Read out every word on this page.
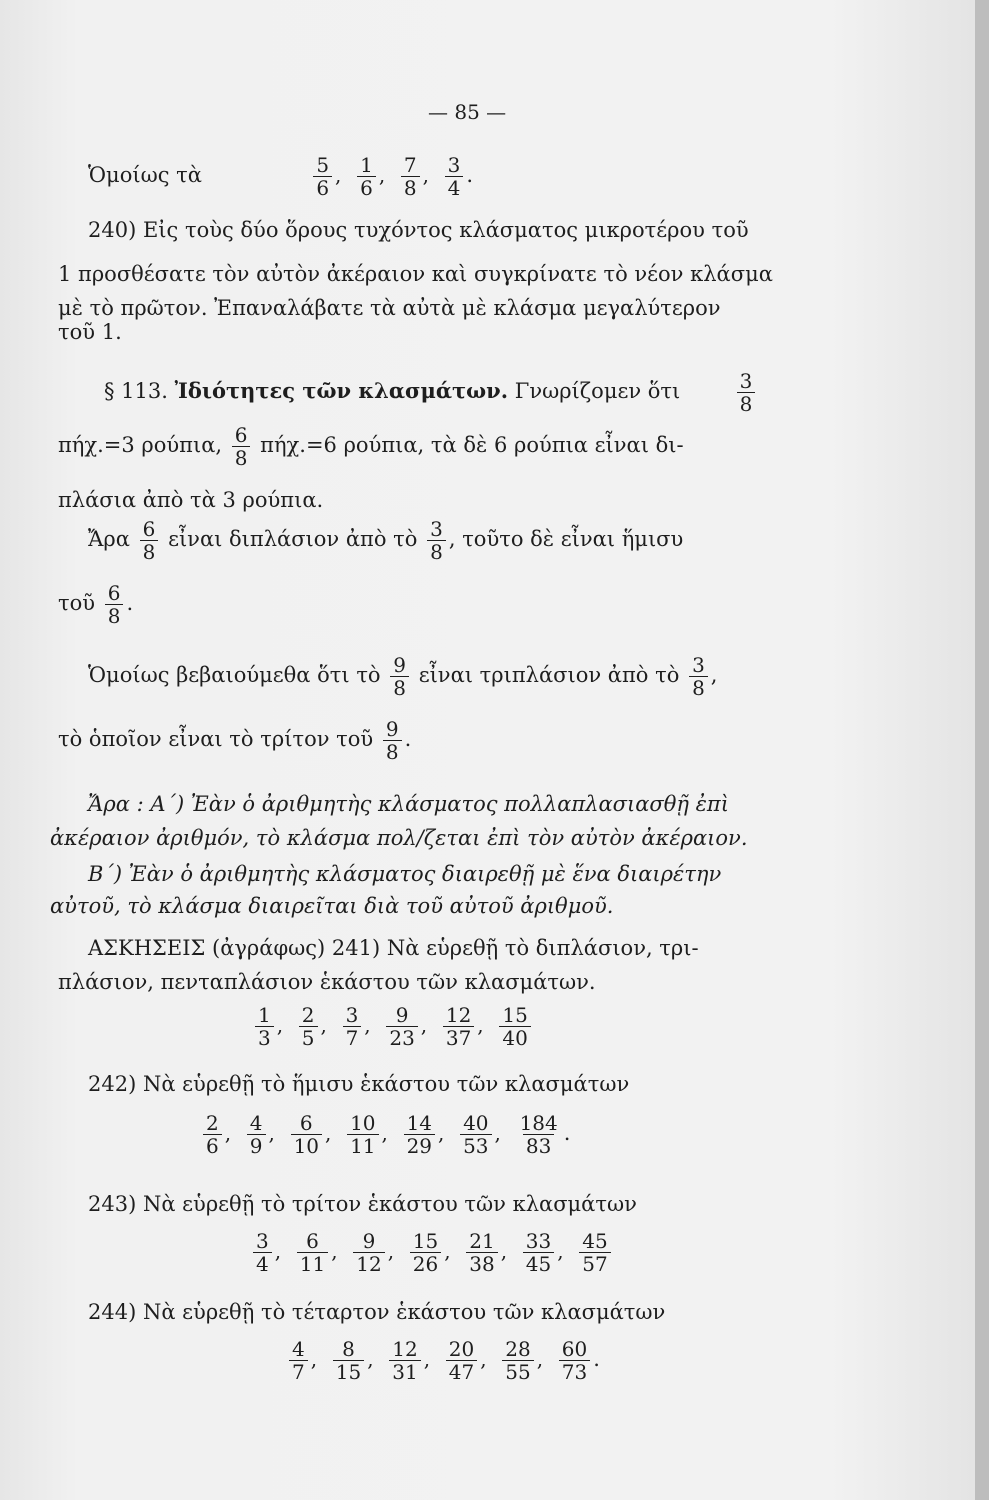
— 85 —
Ὁμοίως τὰ	$\frac{5}{6}$ , $\frac{1}{6}$ , $\frac{7}{8}$ , $\frac{3}{4}$ .
240) Εἰς τοὺς δύο ὅρους τυχόντος κλάσματος μικροτέρου τοῦ
1 προσθέσατε τὸν αὐτὸν ἀκέραιον καὶ συγκρίνατε τὸ νέον κλάσμα
μὲ τὸ πρῶτον. Ἐπαναλάβατε τὰ αὐτὰ μὲ κλάσμα μεγαλύτερον
τοῦ 1.
§ 113. Ἰδιότητες τῶν κλασμάτων. Γνωρίζομεν ὅτι	$\frac{3}{8}$
πήχ.=3 ρούπια, $\frac{6}{8} \pi ή\chi.=6$ ρούπια, τὰ δὲ 6 ρούπια εἶναι δι-
πλάσια ἀπὸ τὰ 3 ρούπια.
Ἄρα $\frac{6}{8}$ εἶναι διπλάσιον ἀπὸ τὸ $\frac{3}{8}$ , τοῦτο δὲ εἶναι ἥμισυ
τοῦ $\frac{6}{8}$ .
Ὁμοίως βεβαιούμεθα ὅτι τὸ $\frac{9}{8}$ εἶναι τριπλάσιον ἀπὸ τὸ $\frac{3}{8}$ ,
τὸ ὁποῖον εἶναι τὸ τρίτον τοῦ $\frac{9}{8}$ .
Ἄρα : A΄) Ἐὰν ὁ ἀριθμητὴς κλάσματος πολλαπλασιασθῇ ἐπὶ
ἀκέραιον ἀριθμόν, τὸ κλάσμα πολ/ζεται ἐπὶ τὸν αὐτὸν ἀκέραιον.
B΄) Ἐὰν ὁ ἀριθμητὴς κλάσματος διαιρεθῇ μὲ ἕνα διαιρέτην
αὐτοῦ, τὸ κλάσμα διαιρεῖται διὰ τοῦ αὐτοῦ ἀριθμοῦ.
ΑΣΚΗΣΕΙΣ (ἀγράφως) 241) Νὰ εὑρεθῇ τὸ διπλάσιον, τρι-
πλάσιον, πενταπλάσιον ἑκάστου τῶν κλασμάτων.
$\frac{1}{3}$ , $\frac{2}{5}$ , $\frac{3}{7}$ , $\frac{9}{23}$ , $\frac{12}{37}$ , $\frac{15}{40}$
242) Νὰ εὑρεθῇ τὸ ἥμισυ ἑκάστου τῶν κλασμάτων
$\frac{2}{6}$ , $\frac{4}{9}$ , $\frac{6}{10}$ , $\frac{10}{11}$ , $\frac{14}{29}$ , $\frac{40}{53}$ , $\frac{184}{83}$ .
243) Νὰ εὑρεθῇ τὸ τρίτον ἑκάστου τῶν κλασμάτων
$\frac{3}{4}$ , $\frac{6}{11}$ , $\frac{9}{12}$ , $\frac{15}{26}$ , $\frac{21}{38}$ , $\frac{33}{45}$ , $\frac{45}{57}$
244) Νὰ εὑρεθῇ τὸ τέταρτον ἑκάστου τῶν κλασμάτων
$\frac{4}{7}$ , $\frac{8}{15}$ , $\frac{12}{31}$ , $\frac{20}{47}$ , $\frac{28}{55}$ , $\frac{60}{73}$ .
